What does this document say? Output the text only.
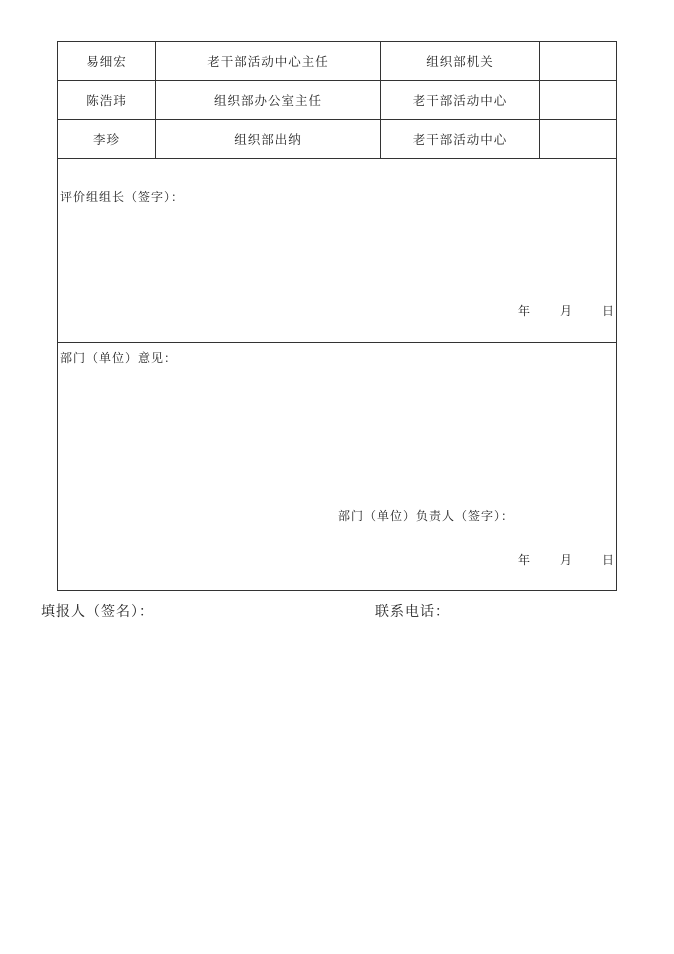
易细宏	老干部活动中心主任	组织部机关
陈浩玮	组织部办公室主任	老干部活动中心
李珍	组织部出纳	老干部活动中心
评价组组长（签字）：
年	月	日
部门（单位）意见：
部门（单位）负责人（签字）：
年	月	日
填报人（签名）：	联系电话：
